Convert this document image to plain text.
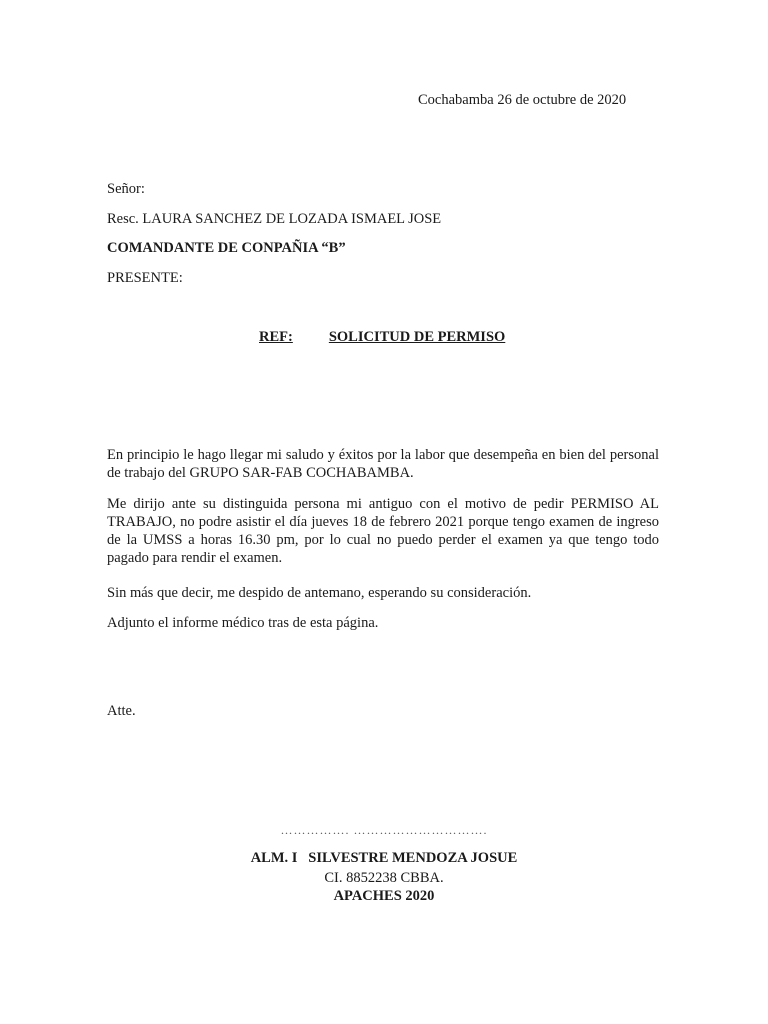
Cochabamba 26 de octubre de 2020
Señor:
Resc. LAURA SANCHEZ DE LOZADA ISMAEL JOSE
COMANDANTE DE CONPAÑIA “B”
PRESENTE:
REF: SOLICITUD DE PERMISO
En principio le hago llegar mi saludo y éxitos por la labor que desempeña en bien del personal de trabajo del GRUPO SAR-FAB COCHABAMBA.
Me dirijo ante su distinguida persona mi antiguo con el motivo de pedir PERMISO AL TRABAJO, no podre asistir el día jueves 18 de febrero 2021 porque tengo examen de ingreso de la UMSS a horas 16.30 pm, por lo cual no puedo perder el examen ya que tengo todo pagado para rendir el examen.
Sin más que decir, me despido de antemano, esperando su consideración.
Adjunto el informe médico tras de esta página.
Atte.
……………. ………………………….
ALM. I   SILVESTRE MENDOZA JOSUE
CI. 8852238 CBBA.
APACHES 2020
